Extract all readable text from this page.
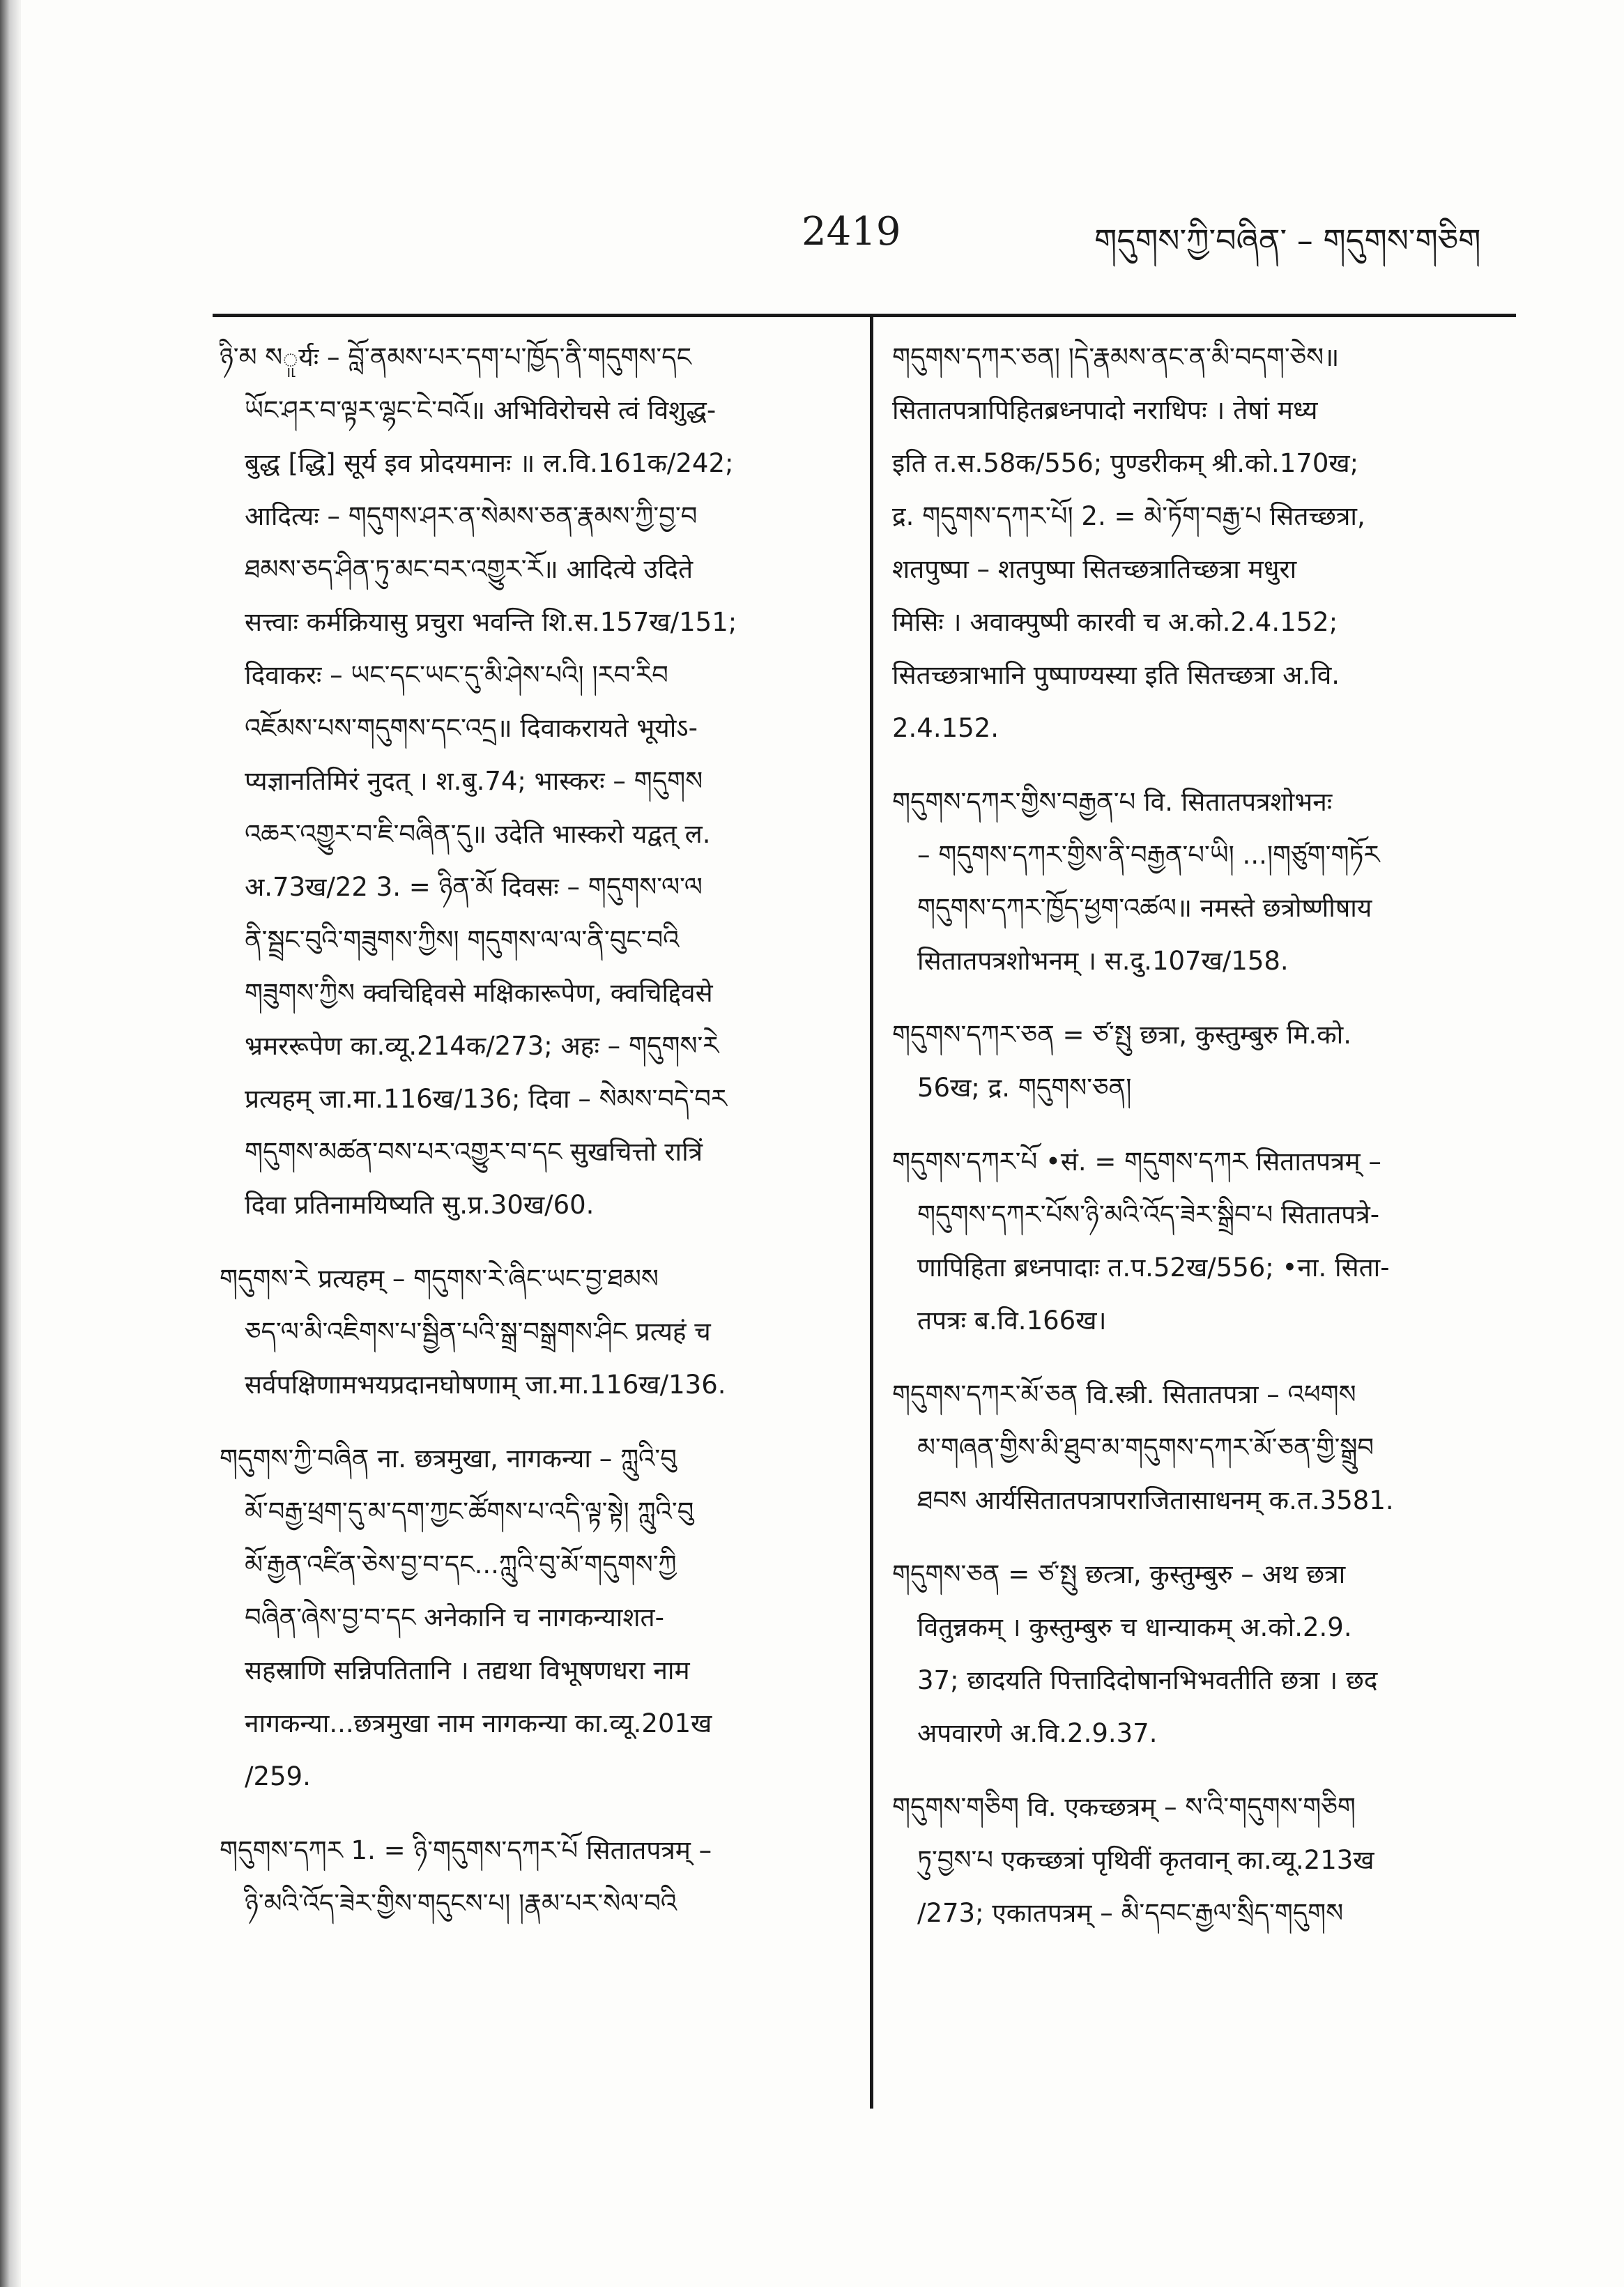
2419	གདུགས་ཀྱི་བཞིན་ – གདུགས་གཅིག

ཉི་མ སူर्यः – བློ་ནམས་པར་དག་པ་ཁྱོད་ནི་གདུགས་དང

ཡོང་ཤར་བ་ལྟར་ལྷང་ངེ་བའོ॥ अभिविरोचसे त्वं विशुद्ध-

बुद्ध [द्धि] सूर्य इव प्रोदयमानः ॥ ल.वि.161क/242;

आदित्यः – གདུགས་ཤར་ན་སེམས་ཅན་རྣམས་ཀྱི་བྱ་བ

ཐམས་ཅད་ཤིན་ཏུ་མང་བར་འགྱུར་རོ॥ आदित्ये उदिते

सत्त्वाः कर्मक्रियासु प्रचुरा भवन्ति शि.स.157ख/151;

दिवाकरः – ཡང་དང་ཡང་དུ་མི་ཤེས་པའི། །རབ་རིབ

འཇོམས་པས་གདུགས་དང་འདྲ॥ दिवाकरायते भूयोऽ-

प्यज्ञानतिमिरं नुदत् । श.बु.74; भास्करः – གདུགས

འཆར་འགྱུར་བ་ཇི་བཞིན་དུ॥ उदेति भास्करो यद्वत् ल.

अ.73ख/22 3. = ཉིན་མོ दिवसः – གདུགས་ལ་ལ

ནི་སྦྲང་བུའི་གཟུགས་ཀྱིས། གདུགས་ལ་ལ་ནི་བུང་བའི

གཟུགས་ཀྱིས क्वचिद्दिवसे मक्षिकारूपेण, क्वचिद्दिवसे

भ्रमररूपेण का.व्यू.214क/273; अहः – གདུགས་རེ

प्रत्यहम् जा.मा.116ख/136; दिवा – སེམས་བདེ་བར

གདུགས་མཚན་བས་པར་འགྱུར་བ་དང सुखचित्तो रात्रिं

दिवा प्रतिनामयिष्यति सु.प्र.30ख/60.

གདུགས་རེ प्रत्यहम् – གདུགས་རེ་ཞིང་ཡང་བྱ་ཐམས

ཅད་ལ་མི་འཇིགས་པ་སྦྱིན་པའི་སྒྲ་བསྒྲགས་ཤིང प्रत्यहं च

सर्वपक्षिणामभयप्रदानघोषणाम् जा.मा.116ख/136.

གདུགས་ཀྱི་བཞིན ना. छत्रमुखा, नागकन्या – ཀླུའི་བུ

མོ་བརྒྱ་ཕྲག་དུ་མ་དག་ཀྱང་ཚོགས་པ་འདི་ལྟ་སྟེ། ཀླུའི་བུ

མོ་རྒྱན་འཛིན་ཅེས་བྱ་བ་དང...ཀླུའི་བུ་མོ་གདུགས་ཀྱི

བཞིན་ཞེས་བྱ་བ་དང अनेकानि च नागकन्याशत-

सहस्राणि सन्निपतितानि । तद्यथा विभूषणधरा नाम

नागकन्या...छत्रमुखा नाम नागकन्या का.व्यू.201ख

/259.

གདུགས་དཀར 1. = ཉི་གདུགས་དཀར་པོ सितातपत्रम् –

ཉི་མའི་འོད་ཟེར་གྱིས་གདུངས་པ། །རྣམ་པར་སེལ་བའི

གདུགས་དཀར་ཅན། །དེ་རྣམས་ནང་ན་མི་བདག་ཅེས॥

सितातपत्रापिहितब्रध्नपादो नराधिपः । तेषां मध्य

इति त.स.58क/556; पुण्डरीकम् श्री.को.170ख;

द्र. གདུགས་དཀར་པོ། 2. = མེ་ཏོག་བརྒྱ་པ सितच्छत्रा,

शतपुष्पा – शतपुष्पा सितच्छत्रातिच्छत्रा मधुरा

मिसिः । अवाक्पुष्पी कारवी च अ.को.2.4.152;

सितच्छत्राभानि पुष्पाण्यस्या इति सितच्छत्रा अ.वि.

2.4.152.

གདུགས་དཀར་གྱིས་བརྒྱན་པ वि. सितातपत्रशोभनः

– གདུགས་དཀར་གྱིས་ནི་བརྒྱན་པ་ཡི། ...།གཙུག་གཏོར

གདུགས་དཀར་ཁྱོད་ཕྱག་འཚལ॥ नमस्ते छत्रोष्णीषाय

सितातपत्रशोभनम् । स.दु.107ख/158.

གདུགས་དཀར་ཅན = ཙ་སྤུ छत्रा, कुस्तुम्बुरु मि.को.

56ख; द्र. གདུགས་ཅན།

གདུགས་དཀར་པོ •सं. = གདུགས་དཀར सितातपत्रम् –

གདུགས་དཀར་པོས་ཉི་མའི་འོད་ཟེར་སྒྲིབ་པ सितातपत्रे-

णापिहिता ब्रध्नपादाः त.प.52ख/556; •ना. सिता-

तपत्रः ब.वि.166ख।

གདུགས་དཀར་མོ་ཅན वि.स्त्री. सितातपत्रा – འཕགས

མ་གཞན་གྱིས་མི་ཐུབ་མ་གདུགས་དཀར་མོ་ཅན་གྱི་སྒྲུབ

ཐབས आर्यसितातपत्रापराजितासाधनम् क.त.3581.

གདུགས་ཅན = ཙ་སྤུ छत्त्रा, कुस्तुम्बुरु – अथ छत्रा

वितुन्नकम् । कुस्तुम्बुरु च धान्याकम् अ.को.2.9.

37; छादयति पित्तादिदोषानभिभवतीति छत्रा । छद

अपवारणे अ.वि.2.9.37.

གདུགས་གཅིག वि. एकच्छत्रम् – ས་འི་གདུགས་གཅིག

ཏུ་བྱས་པ एकच्छत्रां पृथिवीं कृतवान् का.व्यू.213ख

/273; एकातपत्रम् – མི་དབང་རྒྱལ་སྲིད་གདུགས
